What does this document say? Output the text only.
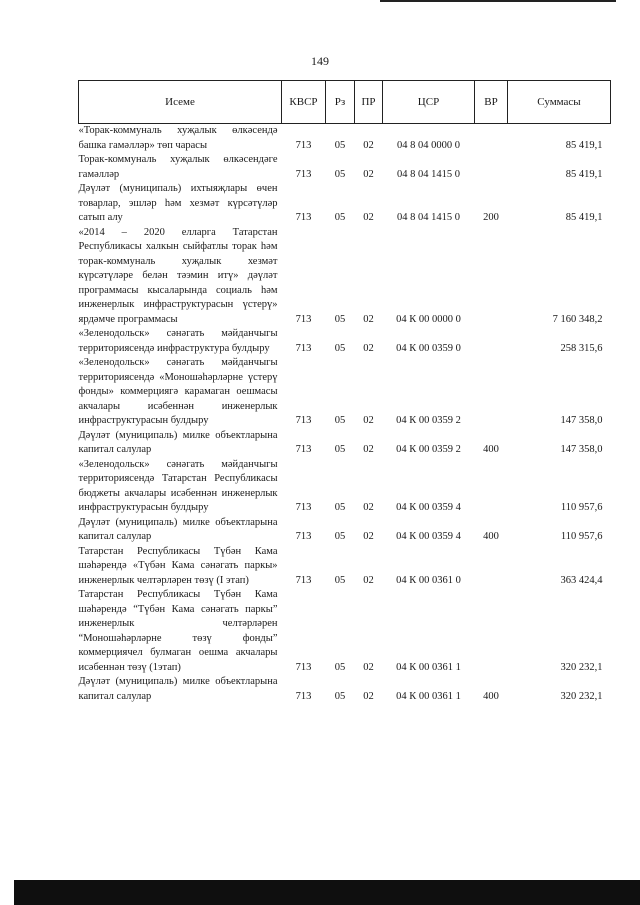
149
Исеме	КВСР	Рз	ПР	ЦСР	ВР	Суммасы
«Торак-коммуналь хуҗалык өлкәсендә башка гамәлләр» төп чарасы	713	05	02	04 8 04 0000 0		85 419,1
Торак-коммуналь хуҗалык өлкәсендәге гамәлләр	713	05	02	04 8 04 1415 0		85 419,1
Дәүләт (муниципаль) ихтыяҗлары өчен товарлар, эшләр һәм хезмәт күрсәтүләр сатып алу	713	05	02	04 8 04 1415 0	200	85 419,1
«2014 – 2020 елларга Татарстан Республикасы халкын сыйфатлы торак һәм торак-коммуналь хуҗалык хезмәт күрсәтүләре белән тәэмин итү» дәүләт программасы кысаларында социаль һәм инженерлык инфраструктурасын үстерү» ярдәмче программасы	713	05	02	04 К 00 0000 0		7 160 348,2
«Зеленодольск» сәнәгать мәйданчыгы территориясендә инфраструктура булдыру	713	05	02	04 К 00 0359 0		258 315,6
«Зеленодольск» сәнәгать мәйданчыгы территориясендә «Моношәһәрләрне үстерү фонды» коммерциягә карамаган оешмасы акчалары исәбеннән инженерлык инфраструктурасын булдыру	713	05	02	04 К 00 0359 2		147 358,0
Дәүләт (муниципаль) милке объектларына капитал салулар	713	05	02	04 К 00 0359 2	400	147 358,0
«Зеленодольск» сәнәгать мәйданчыгы территориясендә Татарстан Республикасы бюджеты акчалары исәбеннән инженерлык инфраструктурасын булдыру	713	05	02	04 К 00 0359 4		110 957,6
Дәүләт (муниципаль) милке объектларына капитал салулар	713	05	02	04 К 00 0359 4	400	110 957,6
Татарстан Республикасы Түбән Кама шәһәрендә «Түбән Кама сәнәгать паркы» инженерлык челтәрләрен төзү (I этап)	713	05	02	04 К 00 0361 0		363 424,4
Татарстан Республикасы Түбән Кама шәһәрендә “Түбән Кама сәнәгать паркы” инженерлык челтәрләрен “Моношәһәрләрне төзү фонды” коммерциячел булмаган оешма акчалары исәбеннән төзү (1этап)	713	05	02	04 К 00 0361 1		320 232,1
Дәүләт (муниципаль) милке объектларына капитал салулар	713	05	02	04 К 00 0361 1	400	320 232,1
